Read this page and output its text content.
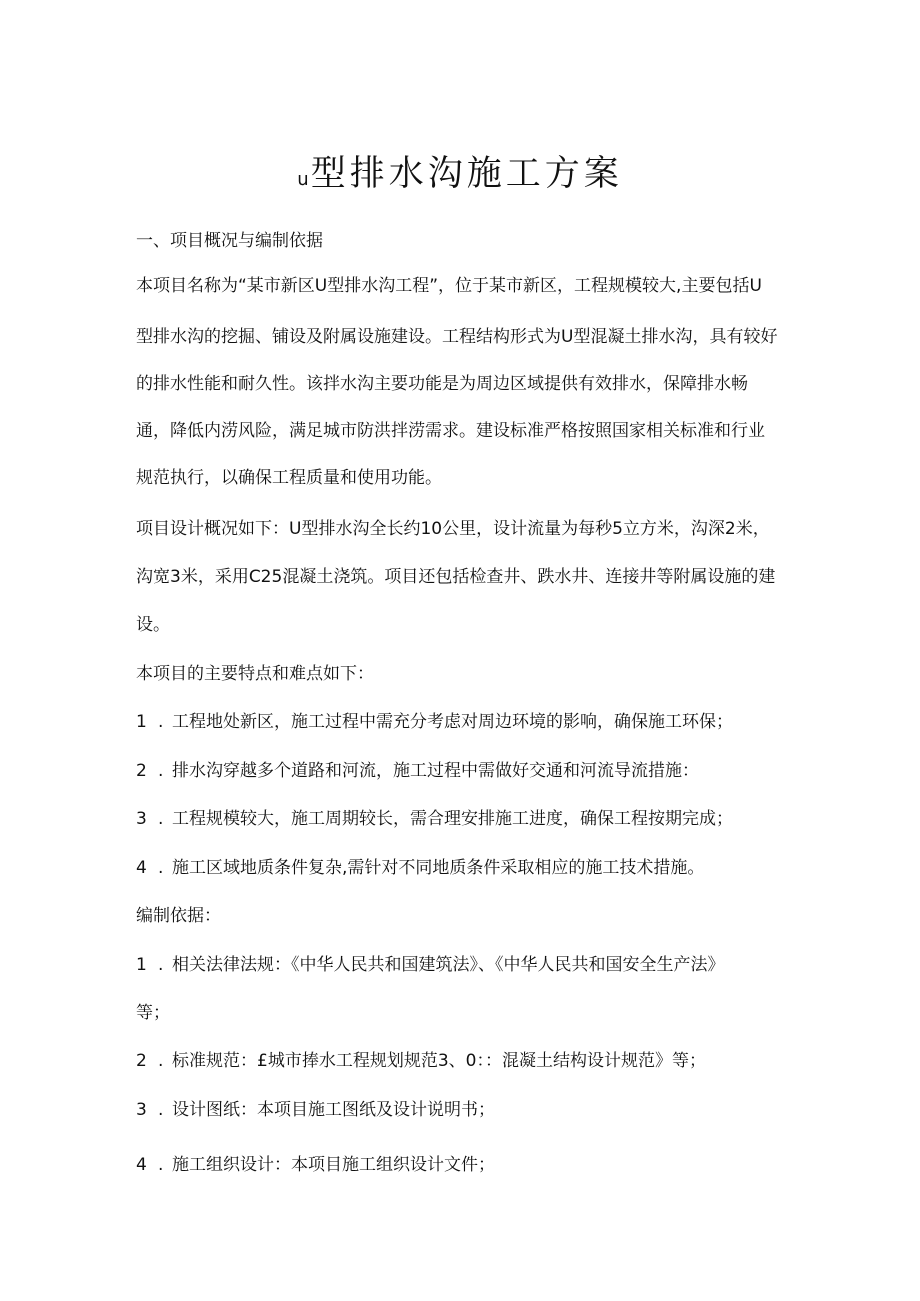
u型排水沟施工方案

一、项目概况与编制依据

本项目名称为“某市新区U型排水沟工程”，位于某市新区，工程规模较大,主要包括U

型排水沟的挖掘、铺设及附属设施建设。工程结构形式为U型混凝土排水沟，具有较好

的排水性能和耐久性。该拌水沟主要功能是为周边区域提供有效排水，保障排水畅

通，降低内涝风险，满足城市防洪拌涝需求。建设标准严格按照国家相关标准和行业

规范执行，以确保工程质量和使用功能。

项目设计概况如下：U型排水沟全长约10公里，设计流量为每秒5立方米，沟深2米，

沟宽3米，采用C25混凝土浇筑。项目还包括检查井、跌水井、连接井等附属设施的建

设。

本项目的主要特点和难点如下：

1 . 工程地处新区，施工过程中需充分考虑对周边环境的影响，确保施工环保；

2 . 排水沟穿越多个道路和河流，施工过程中需做好交通和河流导流措施：

3 . 工程规模较大，施工周期较长，需合理安排施工进度，确保工程按期完成；

4 . 施工区域地质条件复杂,需针对不同地质条件采取相应的施工技术措施。

编制依据：

1 . 相关法律法规：《中华人民共和国建筑法》、《中华人民共和国安全生产法》

等；

2 . 标准规范：£城市捧水工程规划规范3、0：：混凝土结构设计规范》等；

3 . 设计图纸：本项目施工图纸及设计说明书；

4 . 施工组织设计：本项目施工组织设计文件；
